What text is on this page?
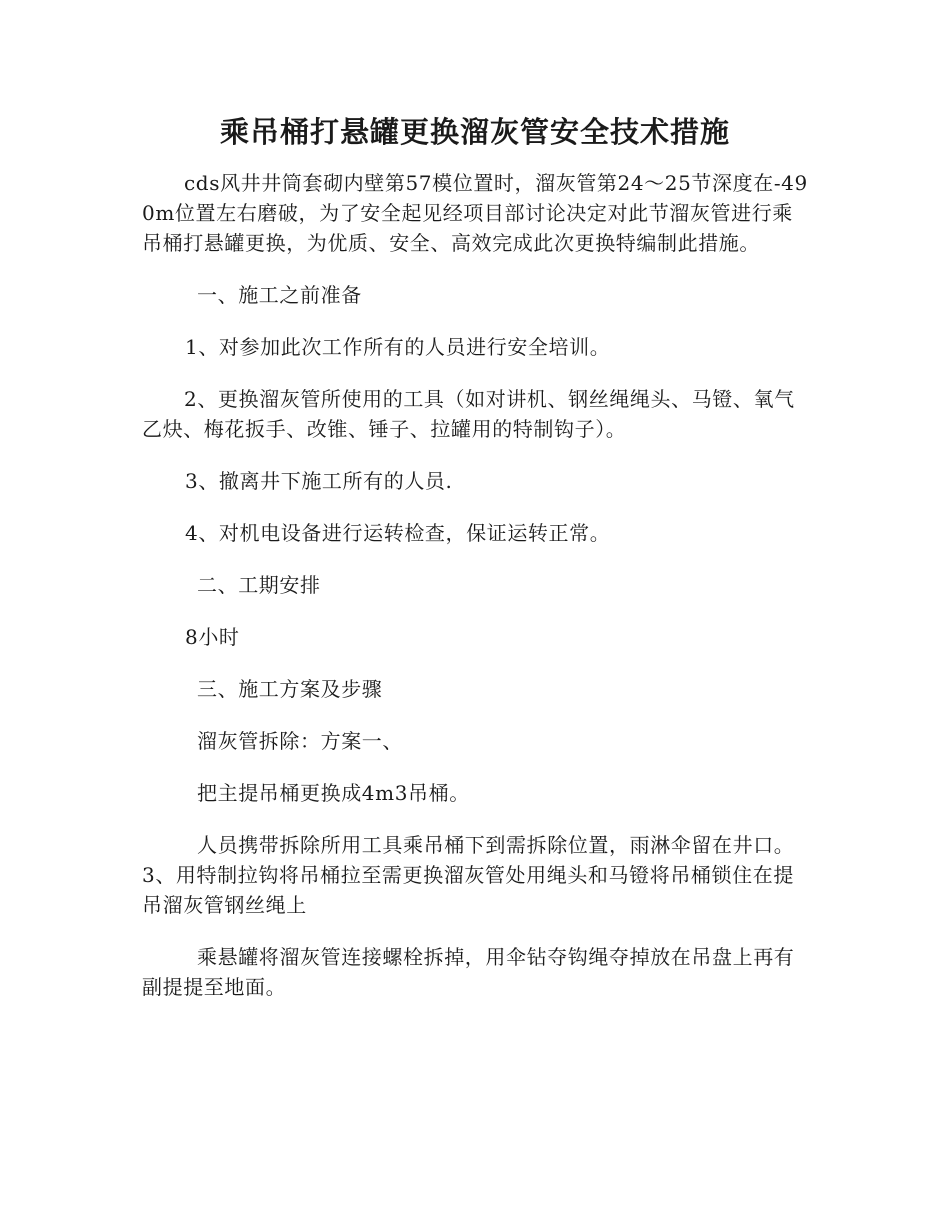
乘吊桶打悬罐更换溜灰管安全技术措施

cds风井井筒套砌内壁第57模位置时，溜灰管第24～25节深度在-490m位置左右磨破，为了安全起见经项目部讨论决定对此节溜灰管进行乘吊桶打悬罐更换，为优质、安全、高效完成此次更换特编制此措施。

一、施工之前准备

1、对参加此次工作所有的人员进行安全培训。

2、更换溜灰管所使用的工具（如对讲机、钢丝绳绳头、马镫、氧气乙炔、梅花扳手、改锥、锤子、拉罐用的特制钩子）。

3、撤离井下施工所有的人员.

4、对机电设备进行运转检查，保证运转正常。

二、工期安排

8小时

三、施工方案及步骤

溜灰管拆除：方案一、

把主提吊桶更换成4m3吊桶。

人员携带拆除所用工具乘吊桶下到需拆除位置，雨淋伞留在井口。3、用特制拉钩将吊桶拉至需更换溜灰管处用绳头和马镫将吊桶锁住在提吊溜灰管钢丝绳上

乘悬罐将溜灰管连接螺栓拆掉，用伞钻夺钩绳夺掉放在吊盘上再有副提提至地面。
